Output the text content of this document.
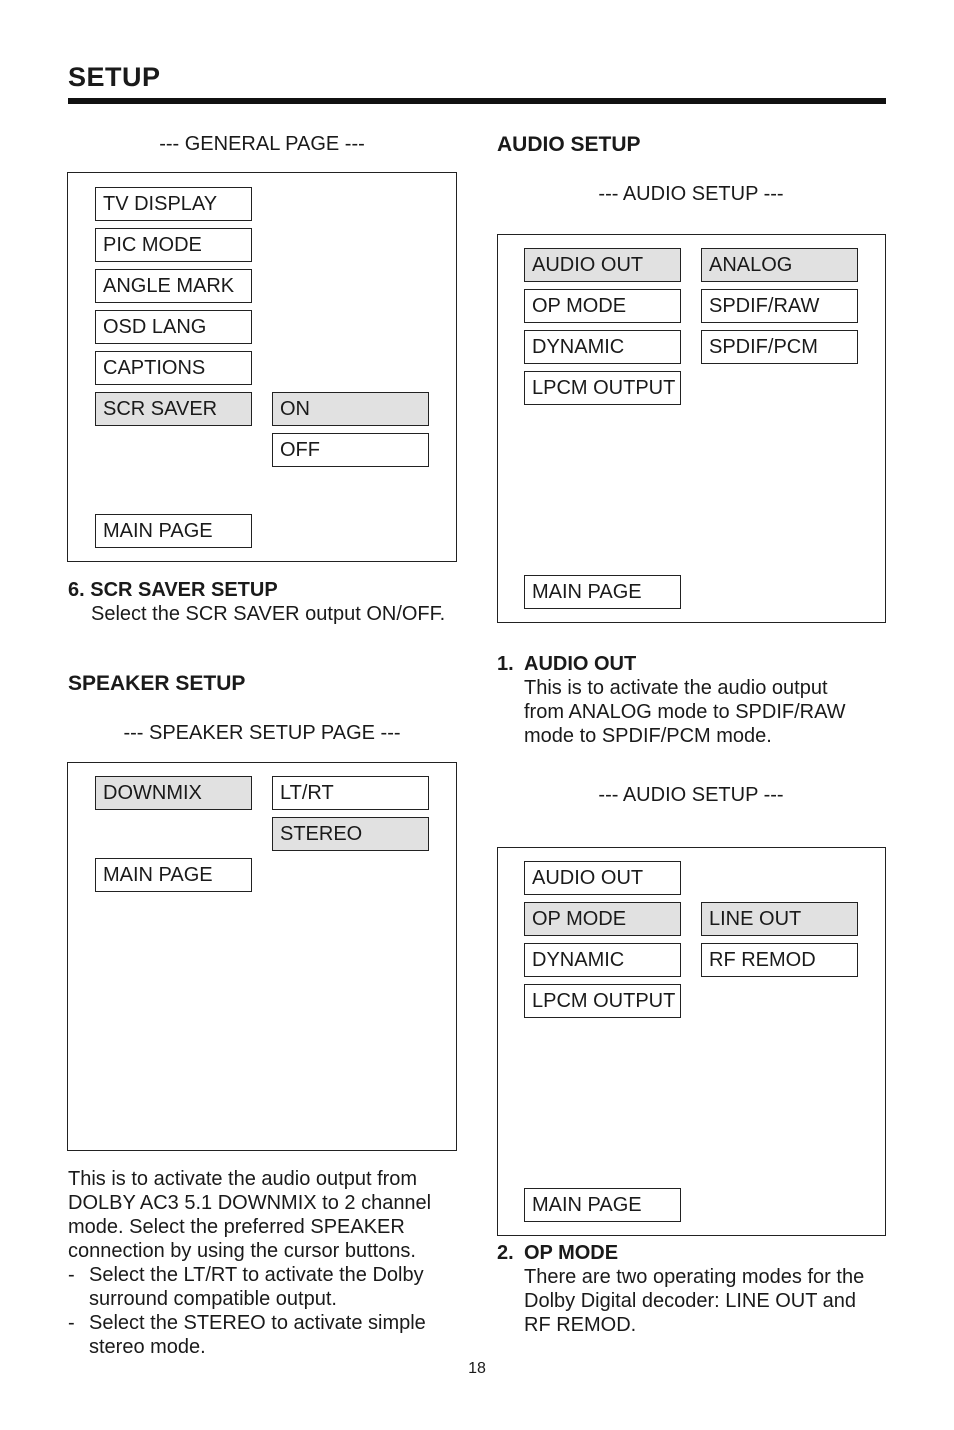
SETUP
--- GENERAL PAGE ---
TV DISPLAY
PIC MODE
ANGLE MARK
OSD LANG
CAPTIONS
SCR SAVER	ON
OFF
MAIN PAGE
6. SCR SAVER SETUP
Select the SCR SAVER output ON/OFF.
SPEAKER SETUP
--- SPEAKER SETUP PAGE ---
DOWNMIX	LT/RT
STEREO
MAIN PAGE
This is to activate the audio output from
DOLBY AC3 5.1 DOWNMIX to 2 channel
mode. Select the preferred SPEAKER
connection by using the cursor buttons.
- Select the LT/RT to activate the Dolby
surround compatible output.
- Select the STEREO to activate simple
stereo mode.
AUDIO SETUP
--- AUDIO SETUP ---
AUDIO OUT
OP MODE
DYNAMIC
LPCM OUTPUT
ANALOG
SPDIF/RAW
SPDIF/PCM
MAIN PAGE
1. AUDIO OUT
This is to activate the audio output
from ANALOG mode to SPDIF/RAW
mode to SPDIF/PCM mode.
--- AUDIO SETUP ---
AUDIO OUT
OP MODE
DYNAMIC
LPCM OUTPUT
LINE OUT
RF REMOD
MAIN PAGE
2. OP MODE
There are two operating modes for the
Dolby Digital decoder: LINE OUT and
RF REMOD.
18
